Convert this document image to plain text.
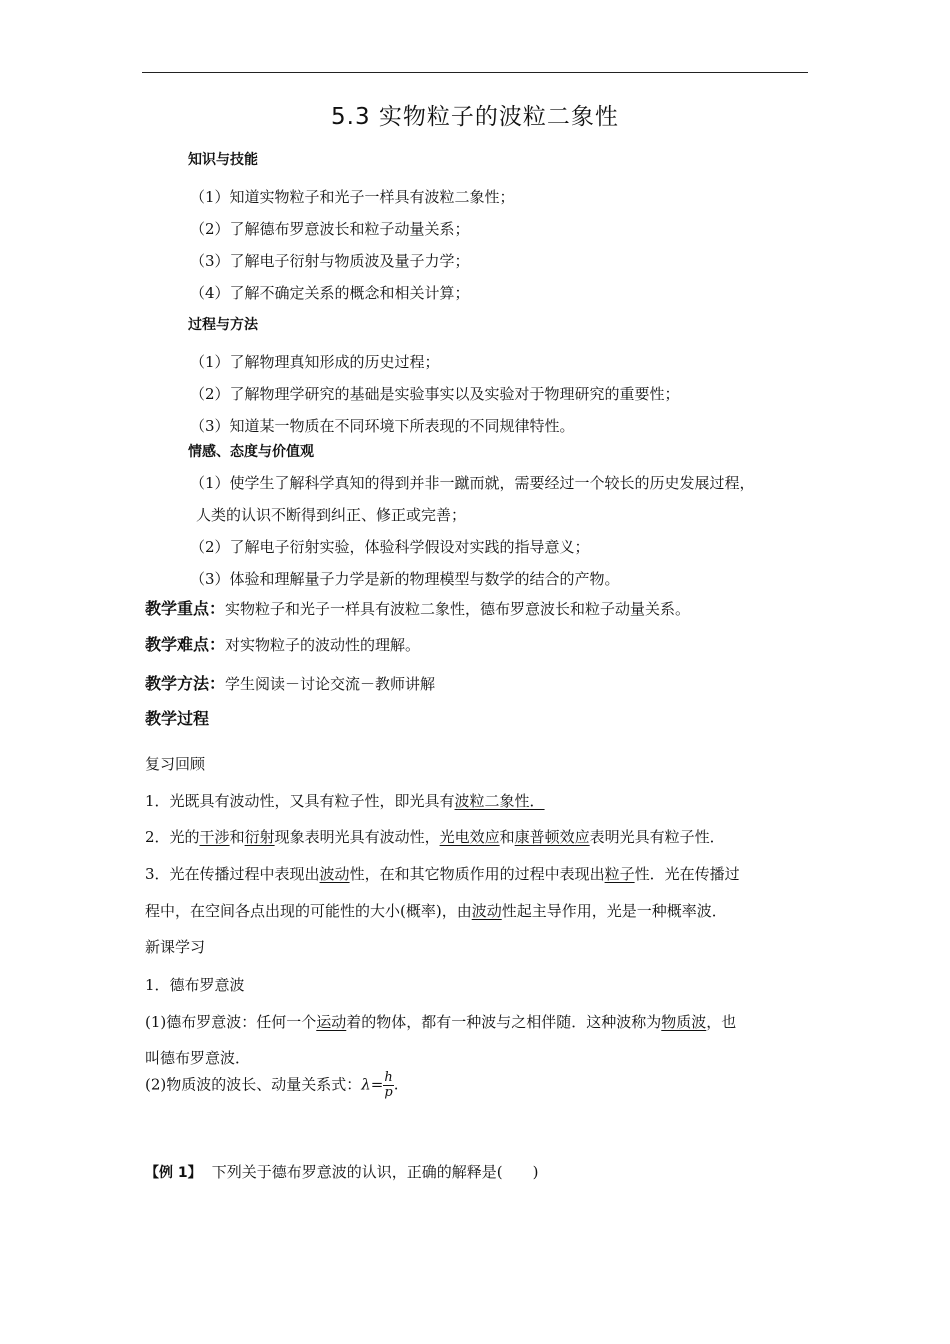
5.3 实物粒子的波粒二象性
知识与技能
（1）知道实物粒子和光子一样具有波粒二象性；
（2）了解德布罗意波长和粒子动量关系；
（3）了解电子衍射与物质波及量子力学；
（4）了解不确定关系的概念和相关计算；
过程与方法
（1）了解物理真知形成的历史过程；
（2）了解物理学研究的基础是实验事实以及实验对于物理研究的重要性；
（3）知道某一物质在不同环境下所表现的不同规律特性。
情感、态度与价值观
（1）使学生了解科学真知的得到并非一蹴而就，需要经过一个较长的历史发展过程，
人类的认识不断得到纠正、修正或完善；
（2）了解电子衍射实验，体验科学假设对实践的指导意义；
（3）体验和理解量子力学是新的物理模型与数学的结合的产物。
教学重点：实物粒子和光子一样具有波粒二象性，德布罗意波长和粒子动量关系。
教学难点：对实物粒子的波动性的理解。
教学方法：学生阅读－讨论交流－教师讲解
教学过程
复习回顾
1．光既具有波动性，又具有粒子性，即光具有波粒二象性．
2．光的干涉和衍射现象表明光具有波动性，光电效应和康普顿效应表明光具有粒子性．
3．光在传播过程中表现出波动性，在和其它物质作用的过程中表现出粒子性．光在传播过
程中，在空间各点出现的可能性的大小(概率)，由波动性起主导作用，光是一种概率波．
新课学习
1．德布罗意波
(1)德布罗意波：任何一个运动着的物体，都有一种波与之相伴随．这种波称为物质波，也
叫德布罗意波．
(2)物质波的波长、动量关系式：$\lambda= \frac{h}{p}$ .
【例 1】 下列关于德布罗意波的认识，正确的解释是(　　)
